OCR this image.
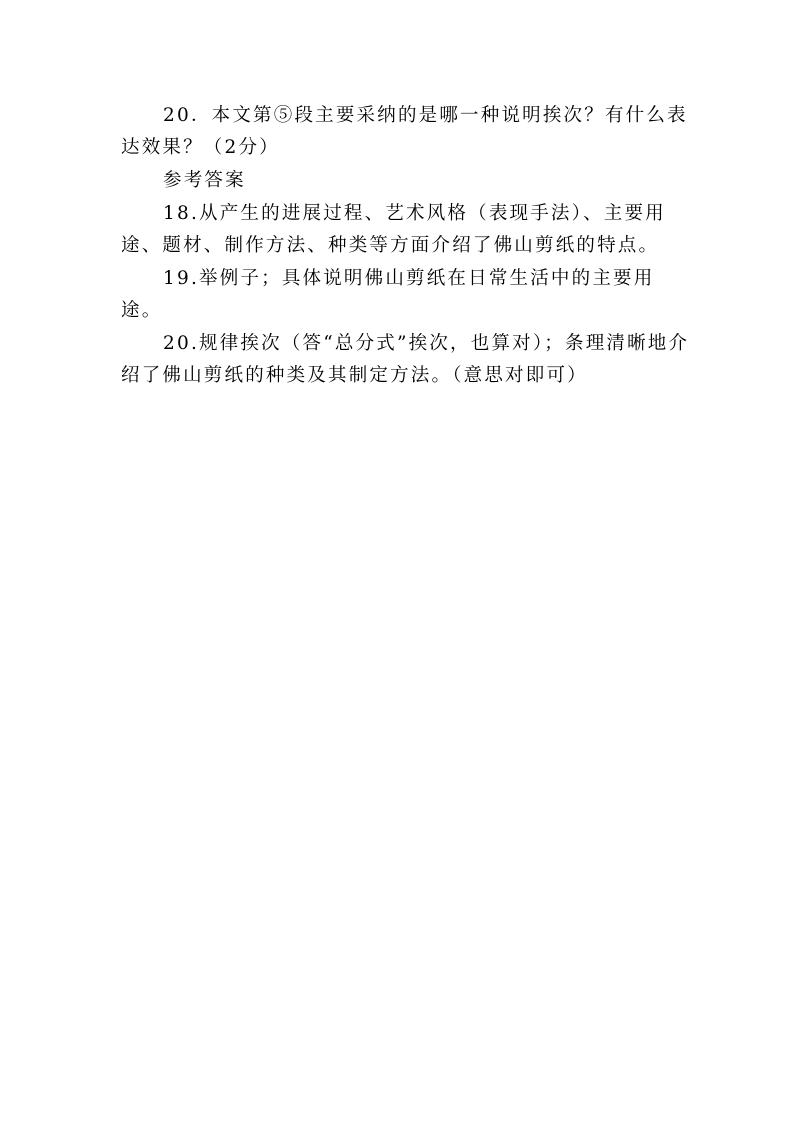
20．本文第⑤段主要采纳的是哪一种说明挨次？有什么表达效果？（2分）

参考答案

18.从产生的进展过程、艺术风格（表现手法）、主要用途、题材、制作方法、种类等方面介绍了佛山剪纸的特点。

19.举例子；具体说明佛山剪纸在日常生活中的主要用途。

20.规律挨次（答“总分式”挨次，也算对）；条理清晰地介绍了佛山剪纸的种类及其制定方法。（意思对即可）
